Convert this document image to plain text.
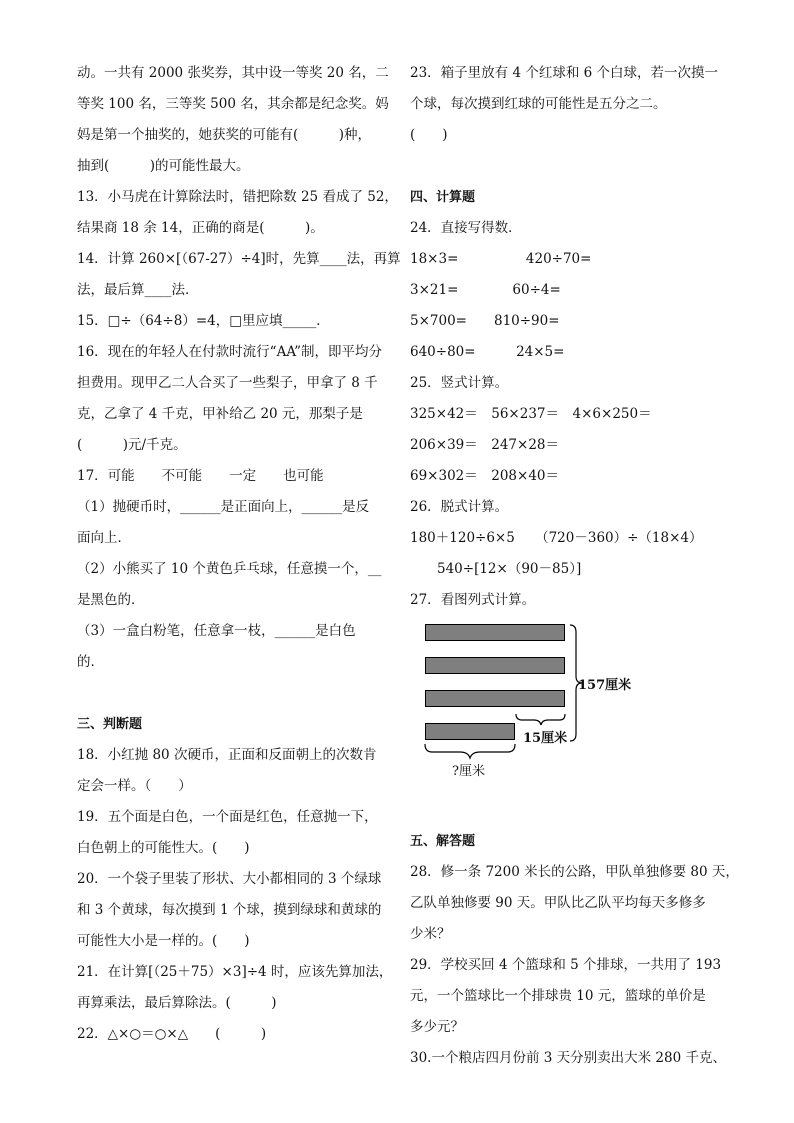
动。一共有 2000 张奖券，其中设一等奖 20 名，二
等奖 100 名，三等奖 500 名，其余都是纪念奖。妈
妈是第一个抽奖的，她获奖的可能有(　　　)种，
抽到(　　　)的可能性最大。
13．小马虎在计算除法时，错把除数 25 看成了 52，
结果商 18 余 14，正确的商是(　　　)。
14．计算 260×[（67-27）÷4]时，先算____法，再算
法，最后算____法．
15．□÷（64÷8）=4，□里应填_____．
16．现在的年轻人在付款时流行“AA”制，即平均分
担费用。现甲乙二人合买了一些梨子，甲拿了 8 千
克，乙拿了 4 千克，甲补给乙 20 元，那梨子是
(　　　)元/千克。
17．可能　　不可能　　一定　　也可能
（1）抛硬币时，______是正面向上，______是反
面向上．
（2）小熊买了 10 个黄色乒乓球，任意摸一个，__
是黑色的．
（3）一盒白粉笔，任意拿一枝，______是白色
的．
三、判断题
18．小红抛 80 次硬币，正面和反面朝上的次数肯
定会一样。（　　）
19．五个面是白色，一个面是红色，任意抛一下，
白色朝上的可能性大。(　　)
20．一个袋子里装了形状、大小都相同的 3 个绿球
和 3 个黄球，每次摸到 1 个球，摸到绿球和黄球的
可能性大小是一样的。(　　)
21．在计算[（25＋75）×3]÷4 时，应该先算加法，
再算乘法，最后算除法。(　　　)
22．△×○＝○×△　　(　　　)
23．箱子里放有 4 个红球和 6 个白球，若一次摸一
个球，每次摸到红球的可能性是五分之二。
(　　)
四、计算题
24．直接写得数．
18×3=　　　　　420÷70=
3×21=　　　　60÷4=
5×700=　　810÷90=
640÷80=　　　24×5=
25．竖式计算。
325×42＝　56×237＝　4×6×250＝
206×39＝　247×28＝
69×302＝　208×40＝
26．脱式计算。
180＋120÷6×5　　（720－360）÷（18×4）
　　540÷[12×（90－85）]
27．看图列式计算。
157厘米
15厘米
?厘米
五、解答题
28．修一条 7200 米长的公路，甲队单独修要 80 天，
乙队单独修要 90 天。甲队比乙队平均每天多修多
少米？
29．学校买回 4 个篮球和 5 个排球，一共用了 193
元，一个篮球比一个排球贵 10 元，篮球的单价是
多少元？
30.一个粮店四月份前 3 天分别卖出大米 280 千克、
